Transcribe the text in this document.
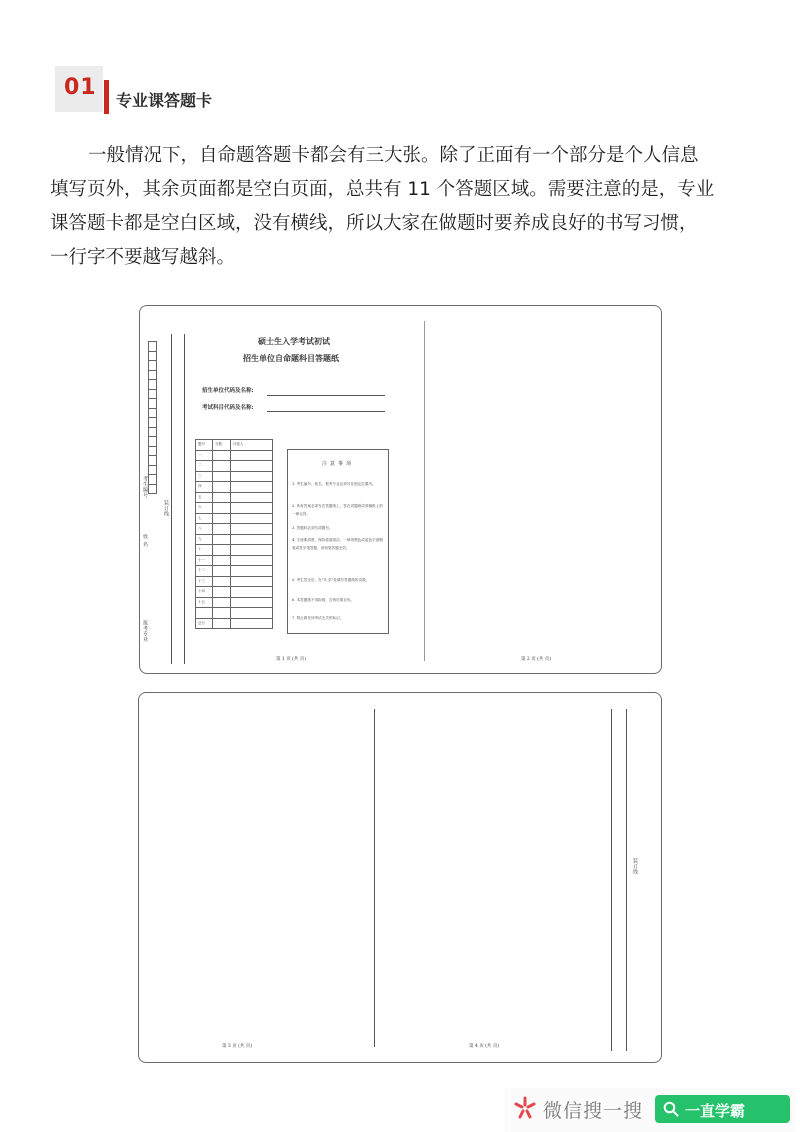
01
专业课答题卡
一般情况下，自命题答题卡都会有三大张。除了正面有一个部分是个人信息
填写页外，其余页面都是空白页面，总共有 11 个答题区域。需要注意的是，专业
课答题卡都是空白区域，没有横线，所以大家在做题时要养成良好的书写习惯，
一行字不要越写越斜。
考生编号
姓 名
报考专业
装订线
硕士生入学考试初试
招生单位自命题科目答题纸
招生单位代码及名称:
考试科目代码及名称:
题号	分数	评卷人
一		
二		
三		
四		
五		
六		
七		
八		
九		
十		
十一		
十二		
十三		
十四		
十五		

总分		
注意事项
1. 考生编号、姓名、报考专业必须写在指定位置内。
2. 所有答案必须写在答题纸上，答在试题纸或草稿纸上的一律无效。
3. 答题时必须写清题号。
4. 字迹要清楚，保持卷面清洁，一律用黑色或蓝色字迹钢笔或签字笔答题，用铅笔答题无效。
5. 考生答完后，在"共 页"处填写答题纸的页数。
6. 本答题纸不得拆散，否则后果自负。
7. 禁止做任何考试无关的标记。
第 1 页 (共 页)	第 2 页 (共 页)
装订线
第 3 页 (共 页)	第 4 页 (共 页)
微信搜一搜	一直学霸
